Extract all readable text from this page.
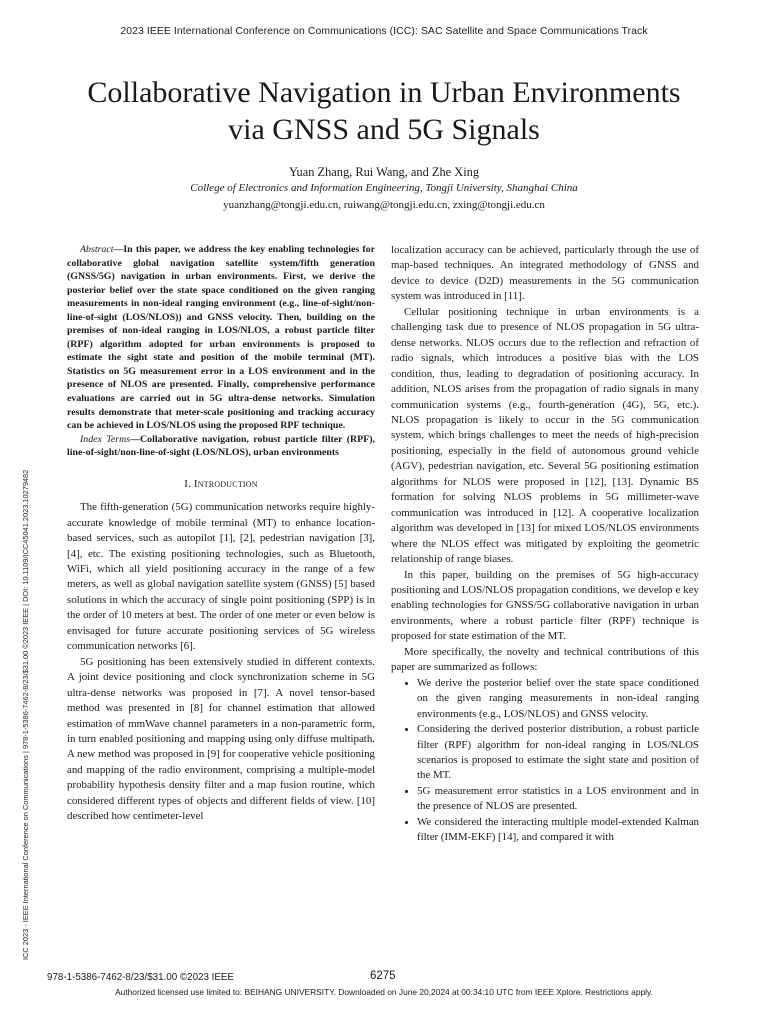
2023 IEEE International Conference on Communications (ICC): SAC Satellite and Space Communications Track
Collaborative Navigation in Urban Environments
via GNSS and 5G Signals
Yuan Zhang, Rui Wang, and Zhe Xing
College of Electronics and Information Engineering, Tongji University, Shanghai China
yuanzhang@tongji.edu.cn, ruiwang@tongji.edu.cn, zxing@tongji.edu.cn
ICC 2023 - IEEE International Conference on Communications | 978-1-5386-7462-8/23/$31.00 ©2023 IEEE | DOI: 10.1109/ICC45041.2023.10279482

Abstract—In this paper, we address the key enabling technologies for collaborative global navigation satellite system/fifth generation (GNSS/5G) navigation in urban environments. First, we derive the posterior belief over the state space conditioned on the given ranging measurements in non-ideal ranging environment (e.g., line-of-sight/non-line-of-sight (LOS/NLOS)) and GNSS velocity. Then, building on the premises of non-ideal ranging in LOS/NLOS, a robust particle filter (RPF) algorithm adopted for urban environments is proposed to estimate the sight state and position of the mobile terminal (MT). Statistics on 5G measurement error in a LOS environment and in the presence of NLOS are presented. Finally, comprehensive performance evaluations are carried out in 5G ultra-dense networks. Simulation results demonstrate that meter-scale positioning and tracking accuracy can be achieved in LOS/NLOS using the proposed RPF technique.

Index Terms—Collaborative navigation, robust particle filter (RPF), line-of-sight/non-line-of-sight (LOS/NLOS), urban environments

I. Introduction

The fifth-generation (5G) communication networks require highly-accurate knowledge of mobile terminal (MT) to enhance location-based services, such as autopilot [1], [2], pedestrian navigation [3], [4], etc. The existing positioning technologies, such as Bluetooth, WiFi, which all yield positioning accuracy in the range of a few meters, as well as global navigation satellite system (GNSS) [5] based solutions in which the accuracy of single point positioning (SPP) is in the order of 10 meters at best. The order of one meter or even below is envisaged for future accurate positioning services of 5G wireless communication networks [6].

5G positioning has been extensively studied in different contexts. A joint device positioning and clock synchronization scheme in 5G ultra-dense networks was proposed in [7]. A novel tensor-based method was presented in [8] for channel estimation that allowed estimation of mmWave channel parameters in a non-parametric form, in turn enabled positioning and mapping using only diffuse multipath. A new method was proposed in [9] for cooperative vehicle positioning and mapping of the radio environment, comprising a multiple-model probability hypothesis density filter and a map fusion routine, which considered different types of objects and different fields of view. [10] described how centimeter-level

localization accuracy can be achieved, particularly through the use of map-based techniques. An integrated methodology of GNSS and device to device (D2D) measurements in the 5G communication system was introduced in [11].

Cellular positioning technique in urban environments is a challenging task due to presence of NLOS propagation in 5G ultra-dense networks. NLOS occurs due to the reflection and refraction of radio signals, which introduces a positive bias with the LOS condition, thus, leading to degradation of positioning accuracy. In addition, NLOS arises from the propagation of radio signals in many communication systems (e.g., fourth-generation (4G), 5G, etc.). NLOS propagation is likely to occur in the 5G communication system, which brings challenges to meet the needs of high-precision positioning, especially in the field of autonomous ground vehicle (AGV), pedestrian navigation, etc. Several 5G positioning estimation algorithms for NLOS were proposed in [12], [13]. Dynamic BS formation for solving NLOS problems in 5G millimeter-wave communication was introduced in [12]. A cooperative localization algorithm was developed in [13] for mixed LOS/NLOS environments where the NLOS effect was mitigated by exploiting the geometric relationship of range biases.

In this paper, building on the premises of 5G high-accuracy positioning and LOS/NLOS propagation conditions, we develop e key enabling technologies for GNSS/5G collaborative navigation in urban environments, where a robust particle filter (RPF) technique is proposed for state estimation of the MT.

More specifically, the novelty and technical contributions of this paper are summarized as follows:

• We derive the posterior belief over the state space conditioned on the given ranging measurements in non-ideal ranging environments (e.g., LOS/NLOS) and GNSS velocity.
• Considering the derived posterior distribution, a robust particle filter (RPF) algorithm for non-ideal ranging in LOS/NLOS scenarios is proposed to estimate the sight state and position of the MT.
• 5G measurement error statistics in a LOS environment and in the presence of NLOS are presented.
• We considered the interacting multiple model-extended Kalman filter (IMM-EKF) [14], and compared it with
978-1-5386-7462-8/23/$31.00 ©2023 IEEE	6275
Authorized licensed use limited to: BEIHANG UNIVERSITY. Downloaded on June 20,2024 at 00:34:10 UTC from IEEE Xplore. Restrictions apply.
